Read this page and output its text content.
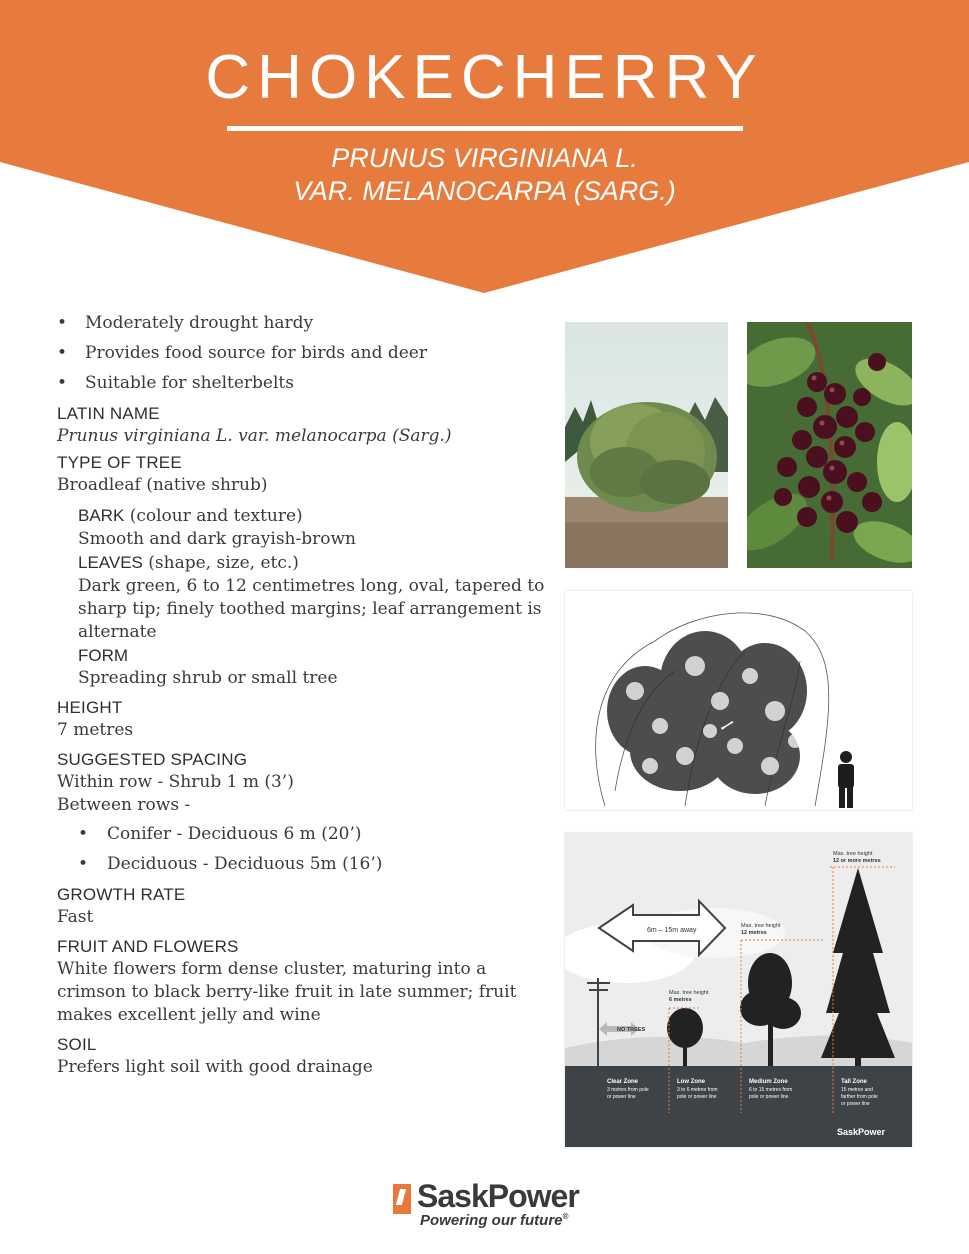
CHOKECHERRY
PRUNUS VIRGINIANA L.
VAR. MELANOCARPA (SARG.)
• Moderately drought hardy
• Provides food source for birds and deer
• Suitable for shelterbelts
LATIN NAME
Prunus virginiana L. var. melanocarpa (Sarg.)
TYPE OF TREE
Broadleaf (native shrub)
BARK (colour and texture)
Smooth and dark grayish-brown
LEAVES (shape, size, etc.)
Dark green, 6 to 12 centimetres long, oval, tapered to sharp tip; finely toothed margins; leaf arrangement is alternate
FORM
Spreading shrub or small tree
HEIGHT
7 metres
SUGGESTED SPACING
Within row - Shrub 1 m (3’)
Between rows -
• Conifer - Deciduous 6 m (20’)
• Deciduous - Deciduous 5m (16’)
GROWTH RATE
Fast
FRUIT AND FLOWERS
White flowers form dense cluster, maturing into a crimson to black berry-like fruit in late summer; fruit makes excellent jelly and wine
SOIL
Prefers light soil with good drainage
6m – 15m away
NO TREES
Max. tree height
6 metres
Max. tree height
12 metres
Max. tree height
12 or more metres
Clear Zone
3 metres from pole
or power line
Low Zone
3 to 6 metres from
pole or power line
Medium Zone
6 to 15 metres from
pole or power line
Tall Zone
15 metres and
farther from pole
or power line
SaskPower
SaskPower
Powering our future®
